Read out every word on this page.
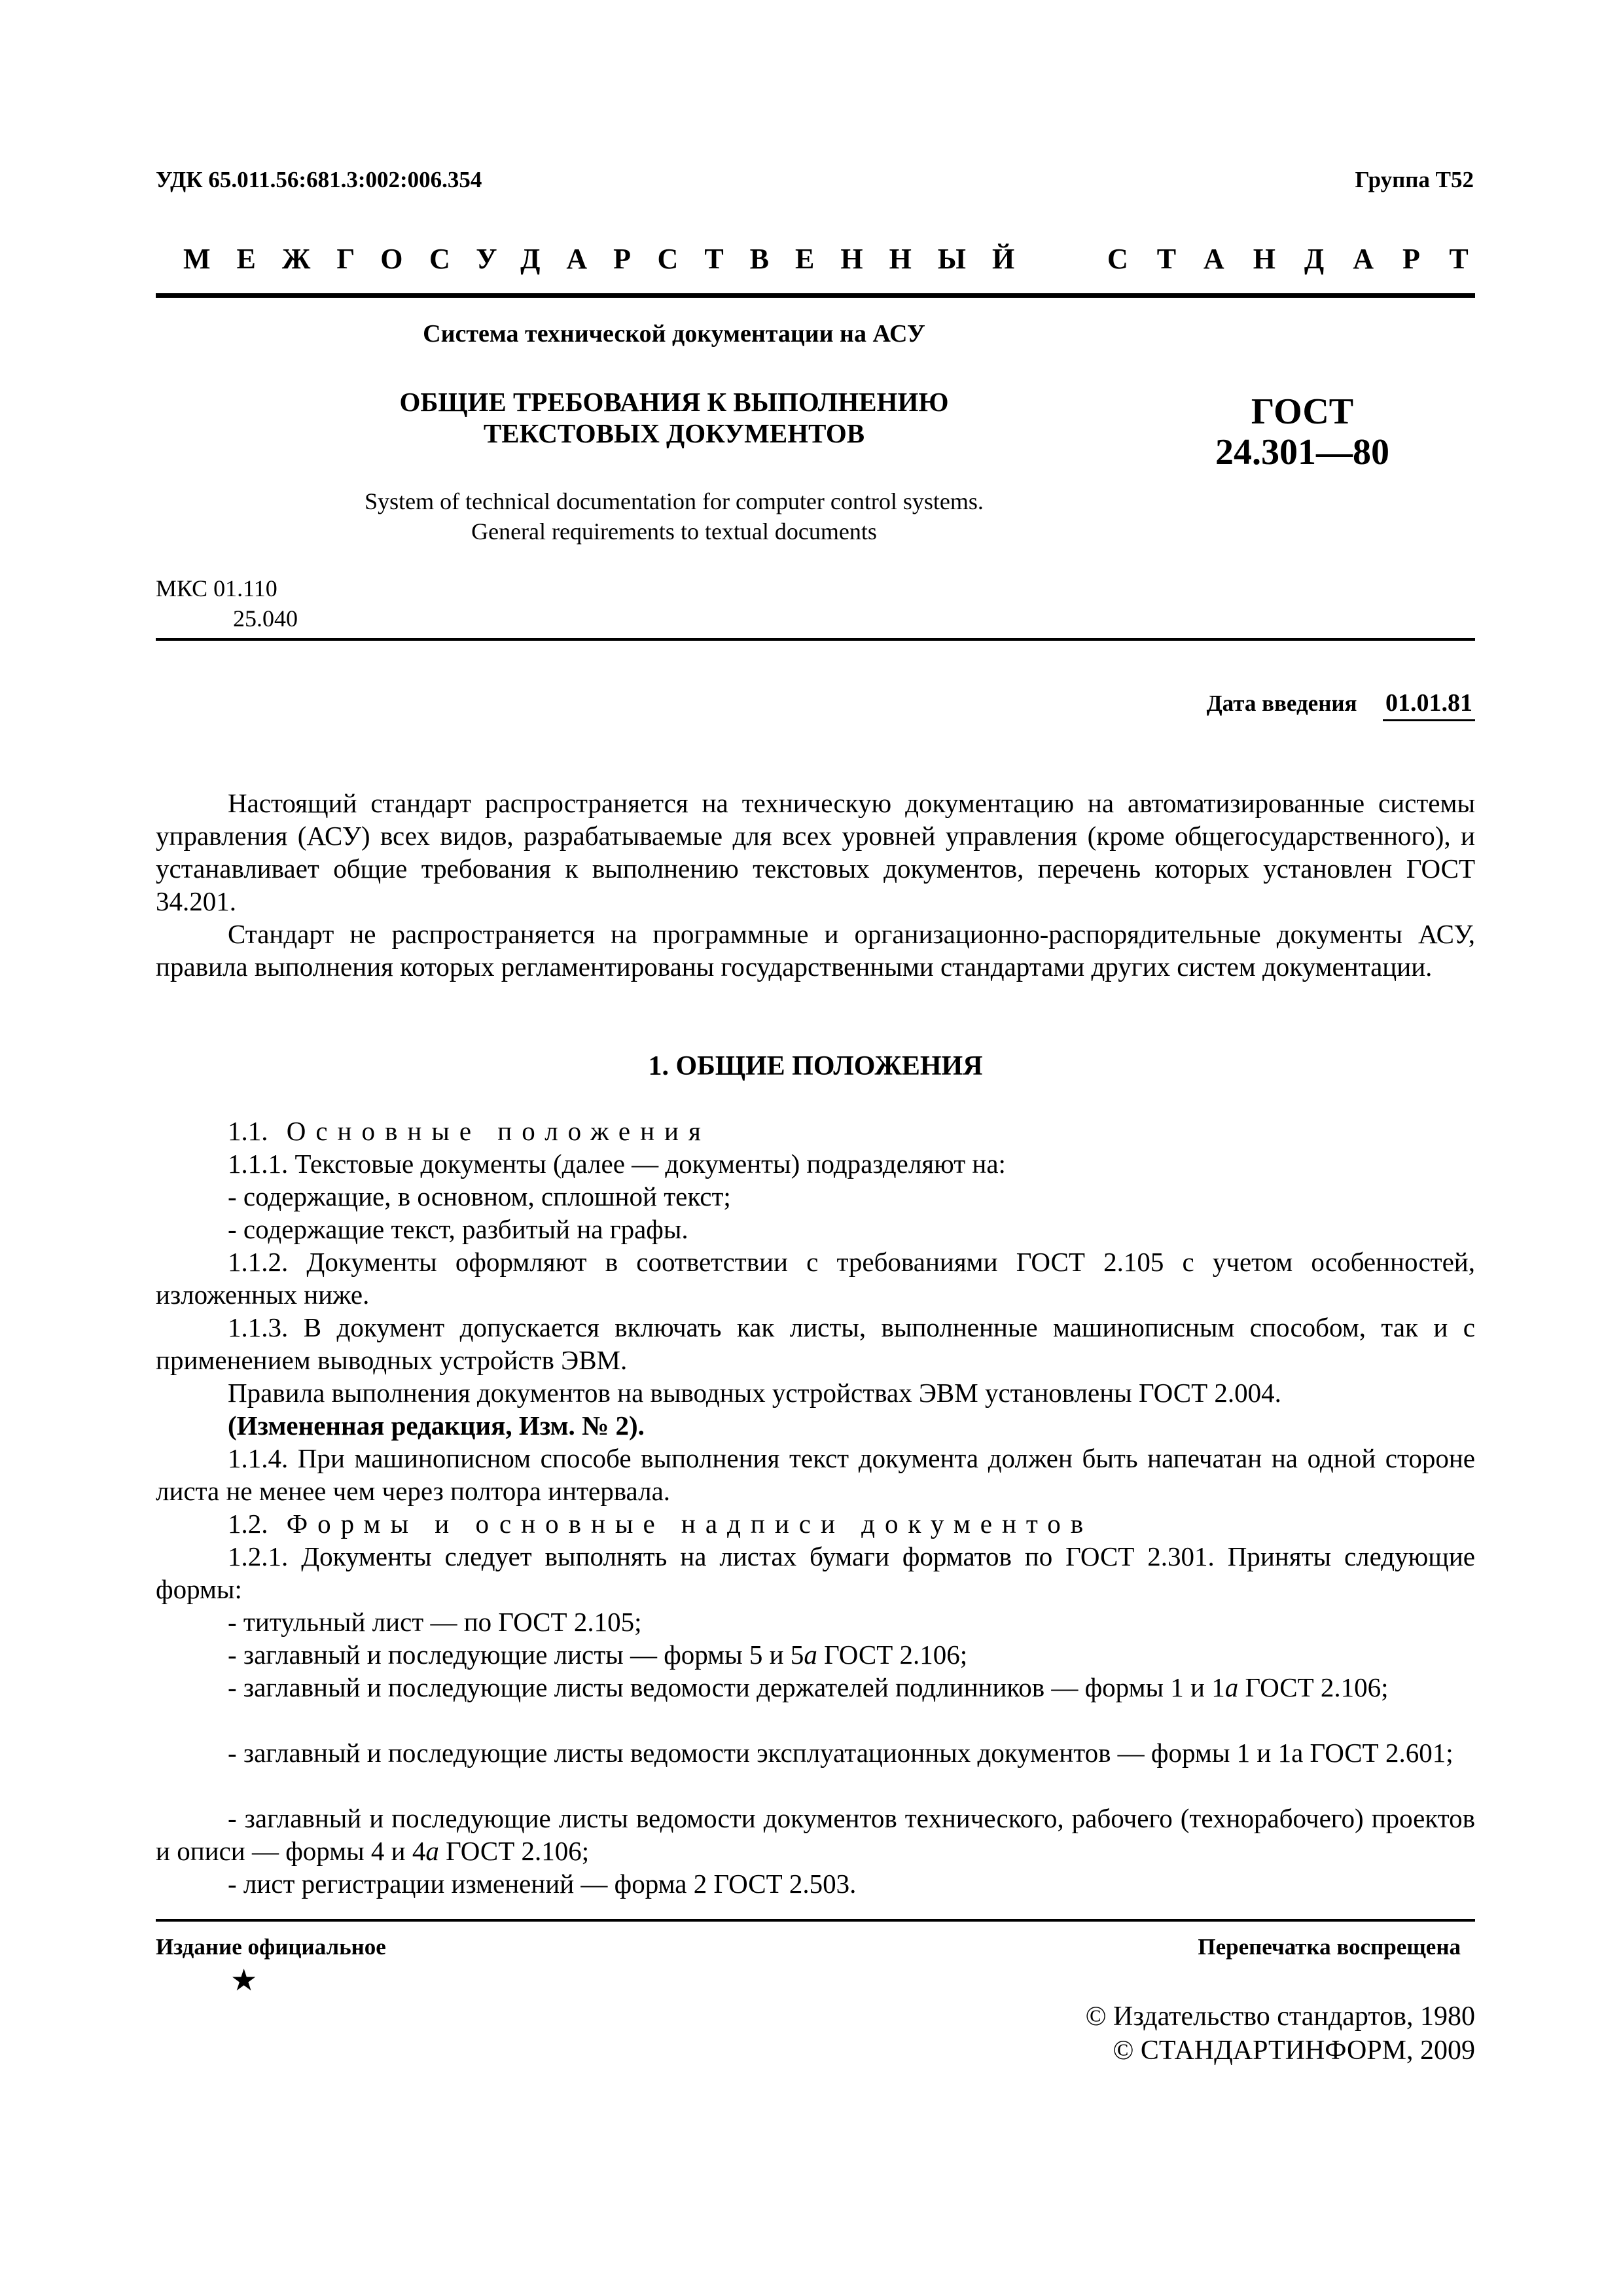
УДК 65.011.56:681.3:002:006.354	Группа Т52
МЕЖГОСУДАРСТВЕННЫЙ СТАНДАРТ
Система технической документации на АСУ
ОБЩИЕ ТРЕБОВАНИЯ К ВЫПОЛНЕНИЮ
ТЕКСТОВЫХ ДОКУМЕНТОВ
ГОСТ
24.301—80
System of technical documentation for computer control systems.
General requirements to textual documents
МКС 01.110
25.040
Дата введения 01.01.81
Настоящий стандарт распространяется на техническую документацию на автоматизированные системы управления (АСУ) всех видов, разрабатываемые для всех уровней управления (кроме общегосударственного), и устанавливает общие требования к выполнению текстовых документов, перечень которых установлен ГОСТ 34.201.
Стандарт не распространяется на программные и организационно-распорядительные документы АСУ, правила выполнения которых регламентированы государственными стандартами других систем документации.
1. ОБЩИЕ ПОЛОЖЕНИЯ
1.1. Основные положения
1.1.1. Текстовые документы (далее — документы) подразделяют на:
- содержащие, в основном, сплошной текст;
- содержащие текст, разбитый на графы.
1.1.2. Документы оформляют в соответствии с требованиями ГОСТ 2.105 с учетом особенностей, изложенных ниже.
1.1.3. В документ допускается включать как листы, выполненные машинописным способом, так и с применением выводных устройств ЭВМ.
Правила выполнения документов на выводных устройствах ЭВМ установлены ГОСТ 2.004.
(Измененная редакция, Изм. № 2).
1.1.4. При машинописном способе выполнения текст документа должен быть напечатан на одной стороне листа не менее чем через полтора интервала.
1.2. Формы и основные надписи документов
1.2.1. Документы следует выполнять на листах бумаги форматов по ГОСТ 2.301. Приняты следующие формы:
- титульный лист — по ГОСТ 2.105;
- заглавный и последующие листы — формы 5 и 5а ГОСТ 2.106;
- заглавный и последующие листы ведомости держателей подлинников — формы 1 и 1а ГОСТ 2.106;
- заглавный и последующие листы ведомости эксплуатационных документов — формы 1 и 1а ГОСТ 2.601;
- заглавный и последующие листы ведомости документов технического, рабочего (технорабочего) проектов и описи — формы 4 и 4а ГОСТ 2.106;
- лист регистрации изменений — форма 2 ГОСТ 2.503.
Издание официальное	Перепечатка воспрещена
★
© Издательство стандартов, 1980
© СТАНДАРТИНФОРМ, 2009
